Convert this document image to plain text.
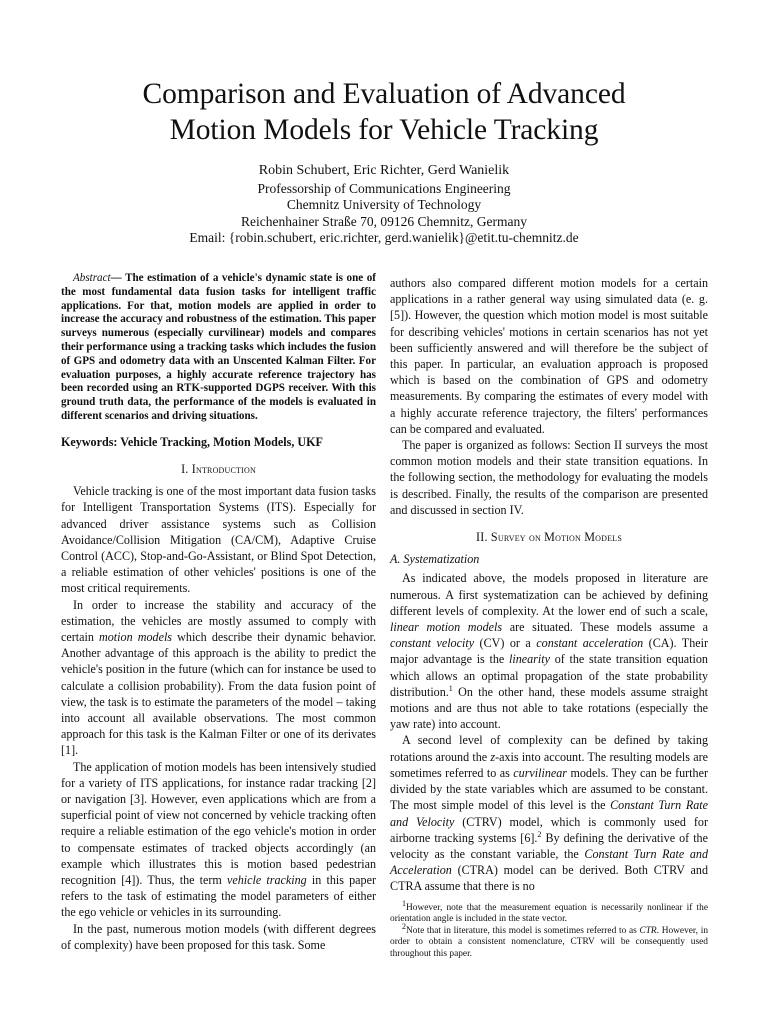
Comparison and Evaluation of Advanced
Motion Models for Vehicle Tracking
Robin Schubert, Eric Richter, Gerd Wanielik
Professorship of Communications Engineering
Chemnitz University of Technology
Reichenhainer Straße 70, 09126 Chemnitz, Germany
Email: {robin.schubert, eric.richter, gerd.wanielik}@etit.tu-chemnitz.de

Abstract— The estimation of a vehicle's dynamic state is one of the most fundamental data fusion tasks for intelligent traffic applications. For that, motion models are applied in order to increase the accuracy and robustness of the estimation. This paper surveys numerous (especially curvilinear) models and compares their performance using a tracking tasks which includes the fusion of GPS and odometry data with an Unscented Kalman Filter. For evaluation purposes, a highly accurate reference trajectory has been recorded using an RTK-supported DGPS receiver. With this ground truth data, the performance of the models is evaluated in different scenarios and driving situations.

Keywords: Vehicle Tracking, Motion Models, UKF

I. Introduction

Vehicle tracking is one of the most important data fusion tasks for Intelligent Transportation Systems (ITS). Especially for advanced driver assistance systems such as Collision Avoidance/Collision Mitigation (CA/CM), Adaptive Cruise Control (ACC), Stop-and-Go-Assistant, or Blind Spot Detection, a reliable estimation of other vehicles' positions is one of the most critical requirements.

In order to increase the stability and accuracy of the estimation, the vehicles are mostly assumed to comply with certain motion models which describe their dynamic behavior. Another advantage of this approach is the ability to predict the vehicle's position in the future (which can for instance be used to calculate a collision probability). From the data fusion point of view, the task is to estimate the parameters of the model – taking into account all available observations. The most common approach for this task is the Kalman Filter or one of its derivates [1].

The application of motion models has been intensively studied for a variety of ITS applications, for instance radar tracking [2] or navigation [3]. However, even applications which are from a superficial point of view not concerned by vehicle tracking often require a reliable estimation of the ego vehicle's motion in order to compensate estimates of tracked objects accordingly (an example which illustrates this is motion based pedestrian recognition [4]). Thus, the term vehicle tracking in this paper refers to the task of estimating the model parameters of either the ego vehicle or vehicles in its surrounding.

In the past, numerous motion models (with different degrees of complexity) have been proposed for this task. Some

authors also compared different motion models for a certain applications in a rather general way using simulated data (e. g. [5]). However, the question which motion model is most suitable for describing vehicles' motions in certain scenarios has not yet been sufficiently answered and will therefore be the subject of this paper. In particular, an evaluation approach is proposed which is based on the combination of GPS and odometry measurements. By comparing the estimates of every model with a highly accurate reference trajectory, the filters' performances can be compared and evaluated.

The paper is organized as follows: Section II surveys the most common motion models and their state transition equations. In the following section, the methodology for evaluating the models is described. Finally, the results of the comparison are presented and discussed in section IV.

II. Survey on Motion Models

A. Systematization

As indicated above, the models proposed in literature are numerous. A first systematization can be achieved by defining different levels of complexity. At the lower end of such a scale, linear motion models are situated. These models assume a constant velocity (CV) or a constant acceleration (CA). Their major advantage is the linearity of the state transition equation which allows an optimal propagation of the state probability distribution.$^1$ On the other hand, these models assume straight motions and are thus not able to take rotations (especially the yaw rate) into account.

A second level of complexity can be defined by taking rotations around the z-axis into account. The resulting models are sometimes referred to as curvilinear models. They can be further divided by the state variables which are assumed to be constant. The most simple model of this level is the Constant Turn Rate and Velocity (CTRV) model, which is commonly used for airborne tracking systems [6].$^2$ By defining the derivative of the velocity as the constant variable, the Constant Turn Rate and Acceleration (CTRA) model can be derived. Both CTRV and CTRA assume that there is no

$^1$However, note that the measurement equation is necessarily nonlinear if the orientation angle is included in the state vector.

$^2$Note that in literature, this model is sometimes referred to as CTR. However, in order to obtain a consistent nomenclature, CTRV will be consequently used throughout this paper.
